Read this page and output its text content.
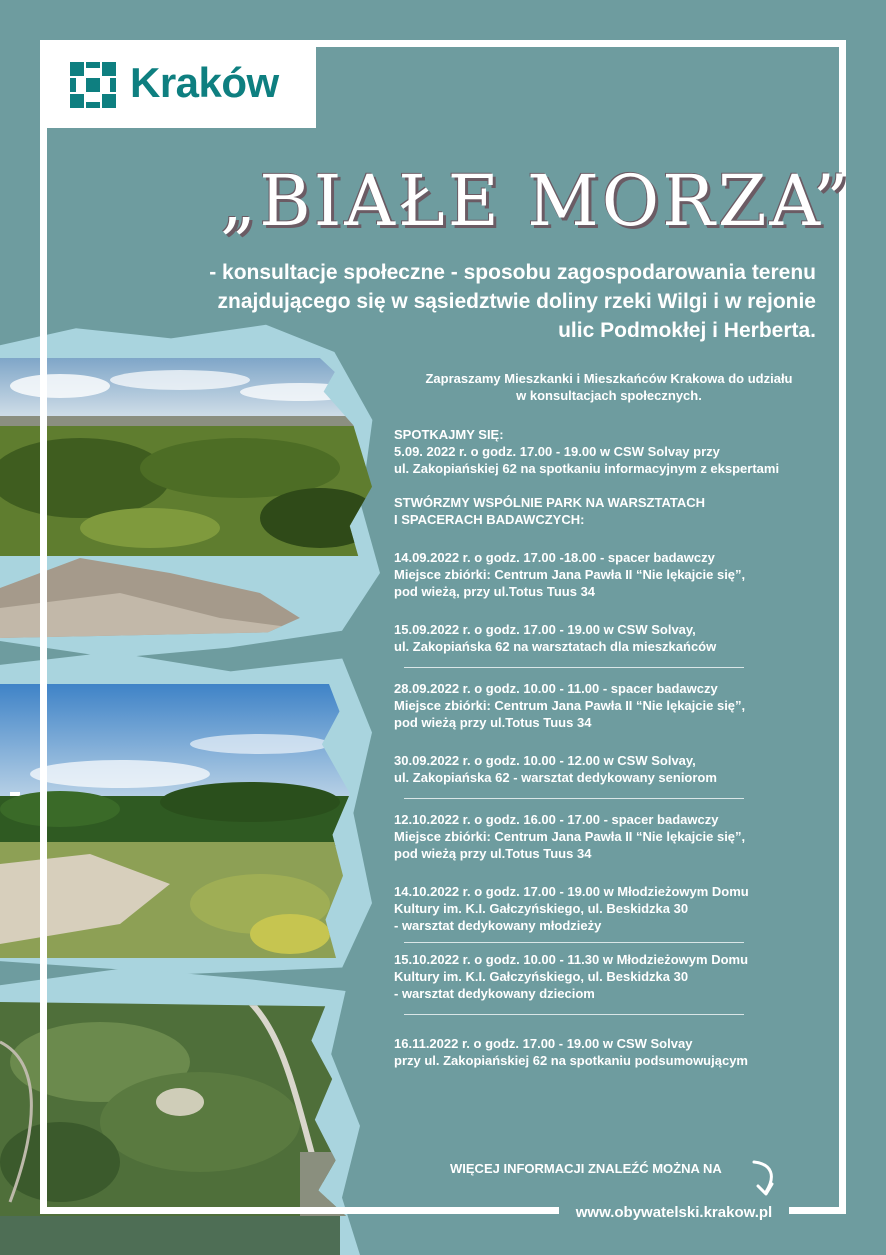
Kraków
„BIAŁE MORZA”
- konsultacje społeczne - sposobu zagospodarowania terenu
znajdującego się w sąsiedztwie doliny rzeki Wilgi i w rejonie
ulic Podmokłej i Herberta.
Zapraszamy Mieszkanki i Mieszkańców Krakowa do udziału
w konsultacjach społecznych.
SPOTKAJMY SIĘ:
5.09. 2022 r. o godz. 17.00 - 19.00 w CSW Solvay przy
ul. Zakopiańskiej 62 na spotkaniu informacyjnym z ekspertami
STWÓRZMY WSPÓLNIE PARK NA WARSZTATACH
I SPACERACH BADAWCZYCH:
14.09.2022 r. o godz. 17.00 -18.00 - spacer badawczy
Miejsce zbiórki: Centrum Jana Pawła II “Nie lękajcie się”,
pod wieżą, przy ul.Totus Tuus 34
15.09.2022 r. o godz. 17.00 - 19.00 w CSW Solvay,
ul. Zakopiańska 62 na warsztatach dla mieszkańców
28.09.2022 r. o godz. 10.00 - 11.00 - spacer badawczy
Miejsce zbiórki: Centrum Jana Pawła II “Nie lękajcie się”,
pod wieżą przy ul.Totus Tuus 34
30.09.2022 r. o godz. 10.00 - 12.00 w CSW Solvay,
ul. Zakopiańska 62 - warsztat dedykowany seniorom
12.10.2022 r. o godz. 16.00 - 17.00 - spacer badawczy
Miejsce zbiórki: Centrum Jana Pawła II “Nie lękajcie się”,
pod wieżą przy ul.Totus Tuus 34
14.10.2022 r. o godz. 17.00 - 19.00 w Młodzieżowym Domu
Kultury im. K.I. Gałczyńskiego, ul. Beskidzka 30
- warsztat dedykowany młodzieży
15.10.2022 r. o godz. 10.00 - 11.30 w Młodzieżowym Domu
Kultury im. K.I. Gałczyńskiego, ul. Beskidzka 30
- warsztat dedykowany dzieciom
16.11.2022 r. o godz. 17.00 - 19.00 w CSW Solvay
przy ul. Zakopiańskiej 62 na spotkaniu podsumowującym
WIĘCEJ INFORMACJI ZNALEŹĆ MOŻNA NA
www.obywatelski.krakow.pl
